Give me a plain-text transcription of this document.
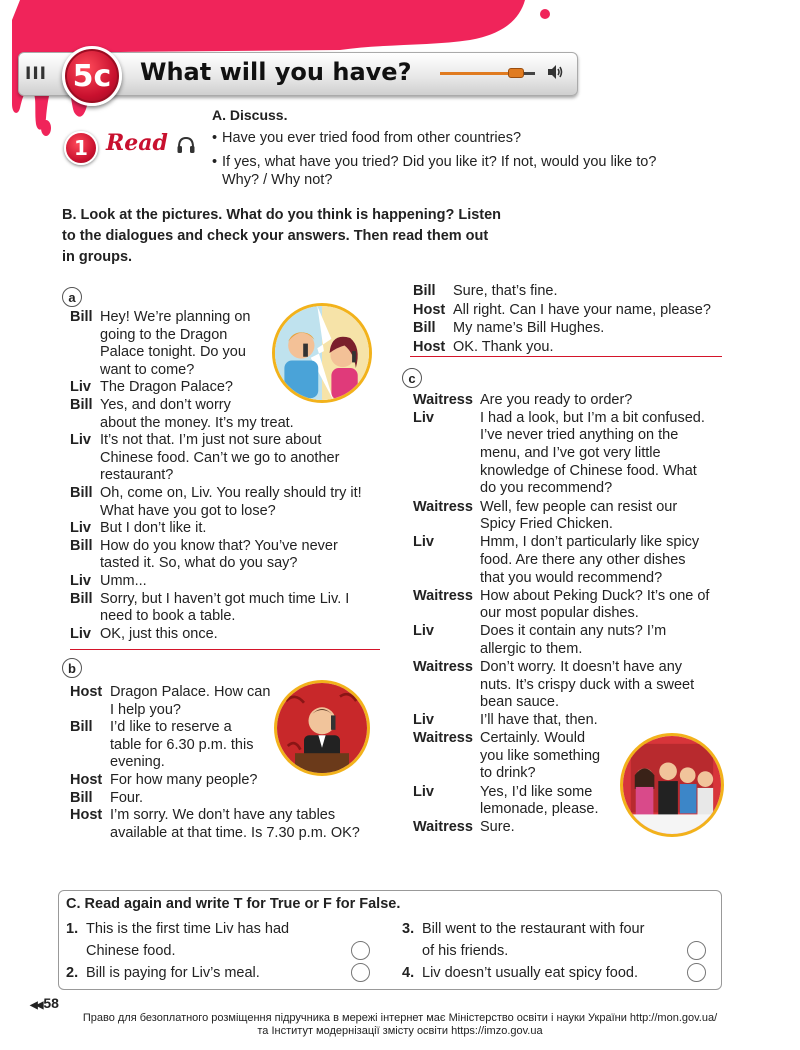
III 5c	What will you have?
1 Read
A. Discuss.
• Have you ever tried food from other countries?
• If yes, what have you tried? Did you like it? If not, would you like to?
Why? / Why not?
B. Look at the pictures. What do you think is happening? Listen
to the dialogues and check your answers. Then read them out
in groups.
a
b
c
Bill Hey! We’re planning on
going to the Dragon
Palace tonight. Do you
want to come?
Liv The Dragon Palace?
Bill Yes, and don’t worry
about the money. It’s my treat.
Liv It’s not that. I’m just not sure about
Chinese food. Can’t we go to another
restaurant?
Bill Oh, come on, Liv. You really should try it!
What have you got to lose?
Liv But I don’t like it.
Bill How do you know that? You’ve never
tasted it. So, what do you say?
Liv Umm...
Bill Sorry, but I haven’t got much time Liv. I
need to book a table.
Liv OK, just this once.
Host Dragon Palace. How can
I help you?
Bill I’d like to reserve a
table for 6.30 p.m. this
evening.
Host For how many people?
Bill Four.
Host I’m sorry. We don’t have any tables
available at that time. Is 7.30 p.m. OK?
Bill Sure, that’s fine.
Host All right. Can I have your name, please?
Bill My name’s Bill Hughes.
Host OK. Thank you.
Waitress Are you ready to order?
Liv	I had a look, but I’m a bit confused.
I’ve never tried anything on the
menu, and I’ve got very little
knowledge of Chinese food. What
do you recommend?
Waitress Well, few people can resist our
Spicy Fried Chicken.
Liv	Hmm, I don’t particularly like spicy
food. Are there any other dishes
that you would recommend?
Waitress How about Peking Duck? It’s one of
our most popular dishes.
Liv	Does it contain any nuts? I’m
allergic to them.
Waitress Don’t worry. It doesn’t have any
nuts. It’s crispy duck with a sweet
bean sauce.
Liv	I’ll have that, then.
Waitress Certainly. Would
you like something
to drink?
Liv	Yes, I’d like some
lemonade, please.
Waitress Sure.
C. Read again and write T for True or F for False.
1. This is the first time Liv has had
Chinese food.
2. Bill is paying for Liv’s meal.
3. Bill went to the restaurant with four
of his friends.
4. Liv doesn’t usually eat spicy food.
◀◀ 58
Право для безоплатного розміщення підручника в мережі інтернет має Міністерство освіти і науки України http://mon.gov.ua/
та Інститут модернізації змісту освіти https://imzo.gov.ua
